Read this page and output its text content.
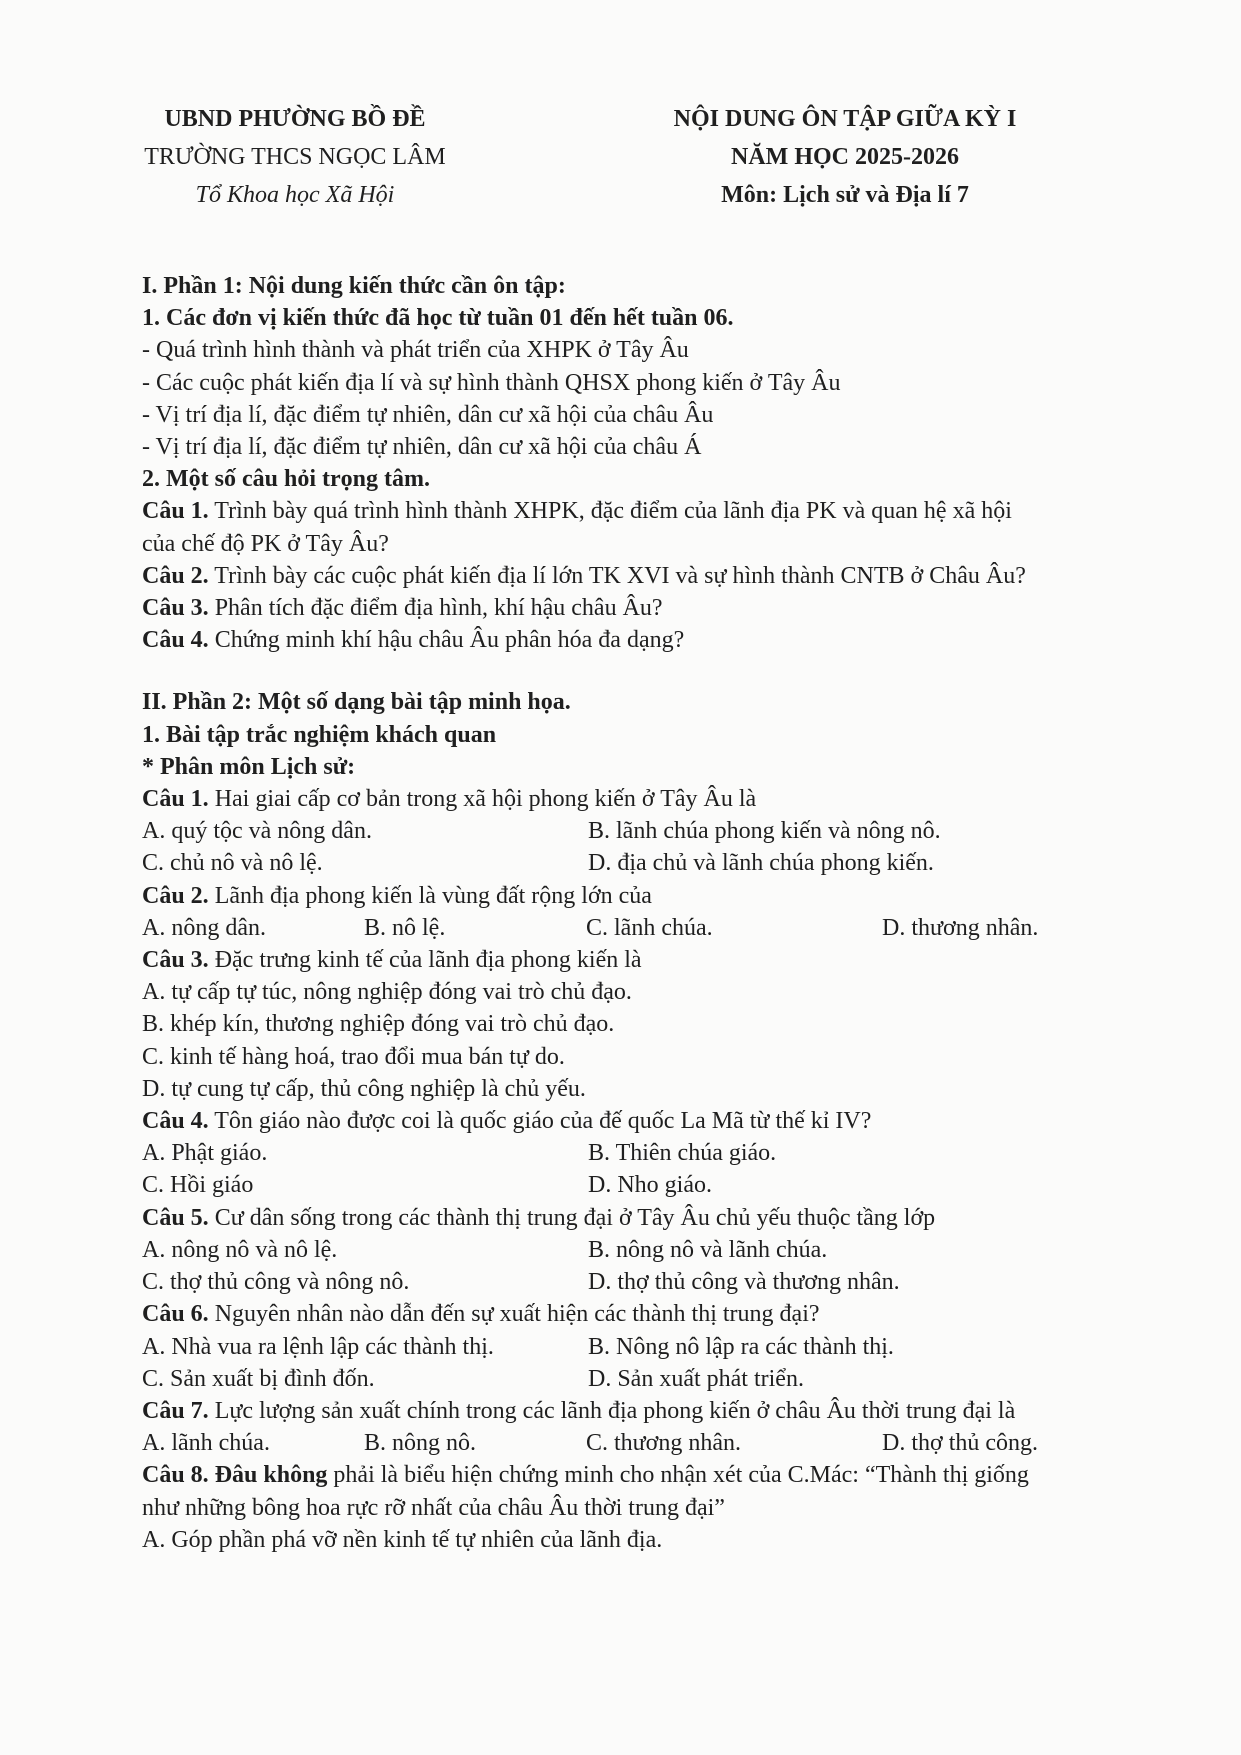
UBND PHƯỜNG BỒ ĐỀ
TRƯỜNG THCS NGỌC LÂM
Tổ Khoa học Xã Hội
NỘI DUNG ÔN TẬP GIỮA KỲ I
NĂM HỌC 2025-2026
Môn: Lịch sử và Địa lí 7
I. Phần 1: Nội dung kiến thức cần ôn tập:
1. Các đơn vị kiến thức đã học từ tuần 01 đến hết tuần 06.
- Quá trình hình thành và phát triển của XHPK ở Tây Âu
- Các cuộc phát kiến địa lí và sự hình thành QHSX phong kiến ở Tây Âu
- Vị trí địa lí, đặc điểm tự nhiên, dân cư xã hội của châu Âu
- Vị trí địa lí, đặc điểm tự nhiên, dân cư xã hội của châu Á
2. Một số câu hỏi trọng tâm.
Câu 1. Trình bày quá trình hình thành XHPK, đặc điểm của lãnh địa PK và quan hệ xã hội
của chế độ PK ở Tây Âu?
Câu 2. Trình bày các cuộc phát kiến địa lí lớn TK XVI và sự hình thành CNTB ở Châu Âu?
Câu 3. Phân tích đặc điểm địa hình, khí hậu châu Âu?
Câu 4. Chứng minh khí hậu châu Âu phân hóa đa dạng?
II. Phần 2: Một số dạng bài tập minh họa.
1. Bài tập trắc nghiệm khách quan
* Phân môn Lịch sử:
Câu 1. Hai giai cấp cơ bản trong xã hội phong kiến ở Tây Âu là
A. quý tộc và nông dân.	B. lãnh chúa phong kiến và nông nô.
C. chủ nô và nô lệ.	D. địa chủ và lãnh chúa phong kiến.
Câu 2. Lãnh địa phong kiến là vùng đất rộng lớn của
A. nông dân.	B. nô lệ.	C. lãnh chúa.	D. thương nhân.
Câu 3. Đặc trưng kinh tế của lãnh địa phong kiến là
A. tự cấp tự túc, nông nghiệp đóng vai trò chủ đạo.
B. khép kín, thương nghiệp đóng vai trò chủ đạo.
C. kinh tế hàng hoá, trao đổi mua bán tự do.
D. tự cung tự cấp, thủ công nghiệp là chủ yếu.
Câu 4. Tôn giáo nào được coi là quốc giáo của đế quốc La Mã từ thế kỉ IV?
A. Phật giáo.	B. Thiên chúa giáo.
C. Hồi giáo	D. Nho giáo.
Câu 5. Cư dân sống trong các thành thị trung đại ở Tây Âu chủ yếu thuộc tầng lớp
A. nông nô và nô lệ.	B. nông nô và lãnh chúa.
C. thợ thủ công và nông nô.	D. thợ thủ công và thương nhân.
Câu 6. Nguyên nhân nào dẫn đến sự xuất hiện các thành thị trung đại?
A. Nhà vua ra lệnh lập các thành thị.	B. Nông nô lập ra các thành thị.
C. Sản xuất bị đình đốn.	D. Sản xuất phát triển.
Câu 7. Lực lượng sản xuất chính trong các lãnh địa phong kiến ở châu Âu thời trung đại là
A. lãnh chúa.	B. nông nô.	C. thương nhân.	D. thợ thủ công.
Câu 8. Đâu không phải là biểu hiện chứng minh cho nhận xét của C.Mác: “Thành thị giống
như những bông hoa rực rỡ nhất của châu Âu thời trung đại”
A. Góp phần phá vỡ nền kinh tế tự nhiên của lãnh địa.
